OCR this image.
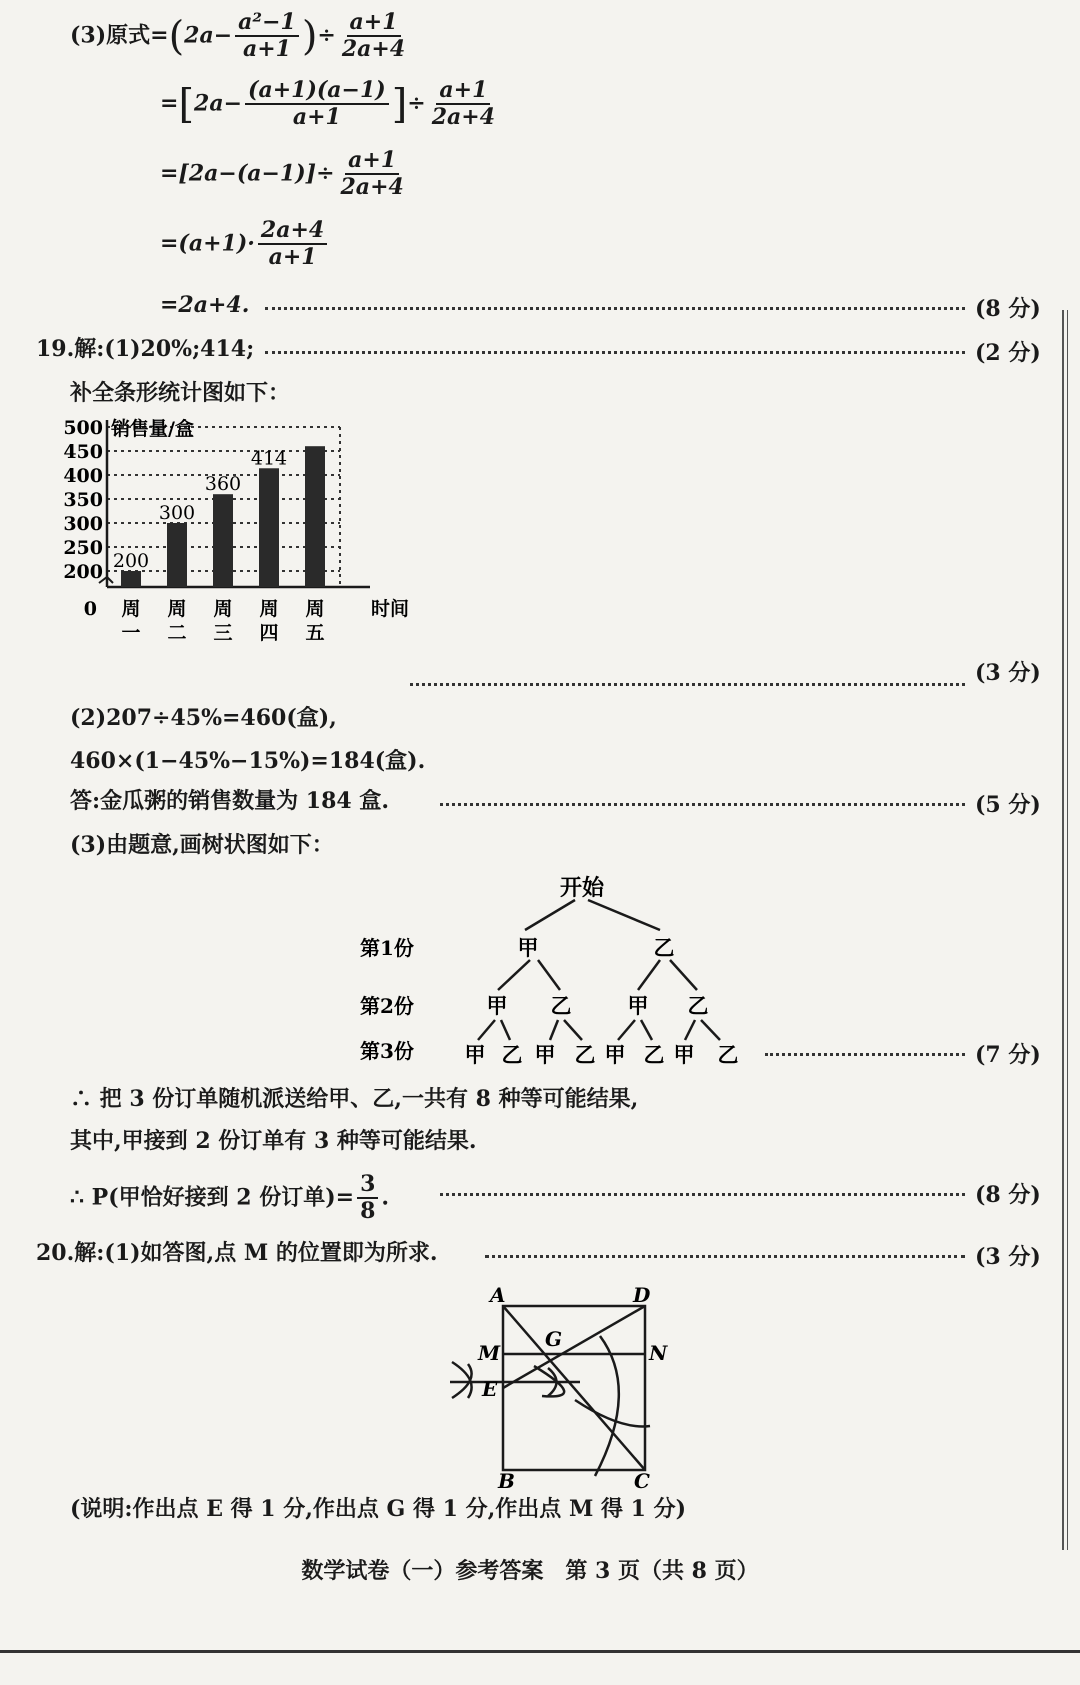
(3)原式$=(2a- \frac{\text{a²−1}}{a+1}$ )÷ $\frac{a+1}{2a+4}$
$=[2a- \frac{(a+1)(a-1)}{a+1}$ ]÷ $\frac{a+1}{2a+4}$
$=[2a-(a-1)]\div \frac{a+1}{2a+4}$
$=(a+1)\cdot \frac{2a+4}{a+1}$
=2a+4.	(8 分)
19.解:(1)20%;414;	(2 分)
补全条形统计图如下：
销售量/盒
200
250
300
350
400
450
500
0	时间
200
周
一
300
周
二
360
周
三
414
周
四
周
五
(3 分)
(2)207÷45%=460(盒),
460×(1−45%−15%)=184(盒).
答:金瓜粥的销售数量为 184 盒.	(5 分)
(3)由题意,画树状图如下：
开始
第1份
第2份
第3份
甲	乙
甲 乙	甲 乙
甲 乙 甲 乙 甲 乙 甲 乙	(7 分)
∴ 把 3 份订单随机派送给甲、乙,一共有 8 种等可能结果,
其中,甲接到 2 份订单有 3 种等可能结果.
∴ P(甲恰好接到 2 份订单)= $\frac{3}{8}$ .	(8 分)
20.解:(1)如答图,点 M 的位置即为所求.	(3 分)
A	D
M
G
N
E
B	C
(说明:作出点 E 得 1 分,作出点 G 得 1 分,作出点 M 得 1 分)
数学试卷（一）参考答案　第 3 页（共 8 页）
